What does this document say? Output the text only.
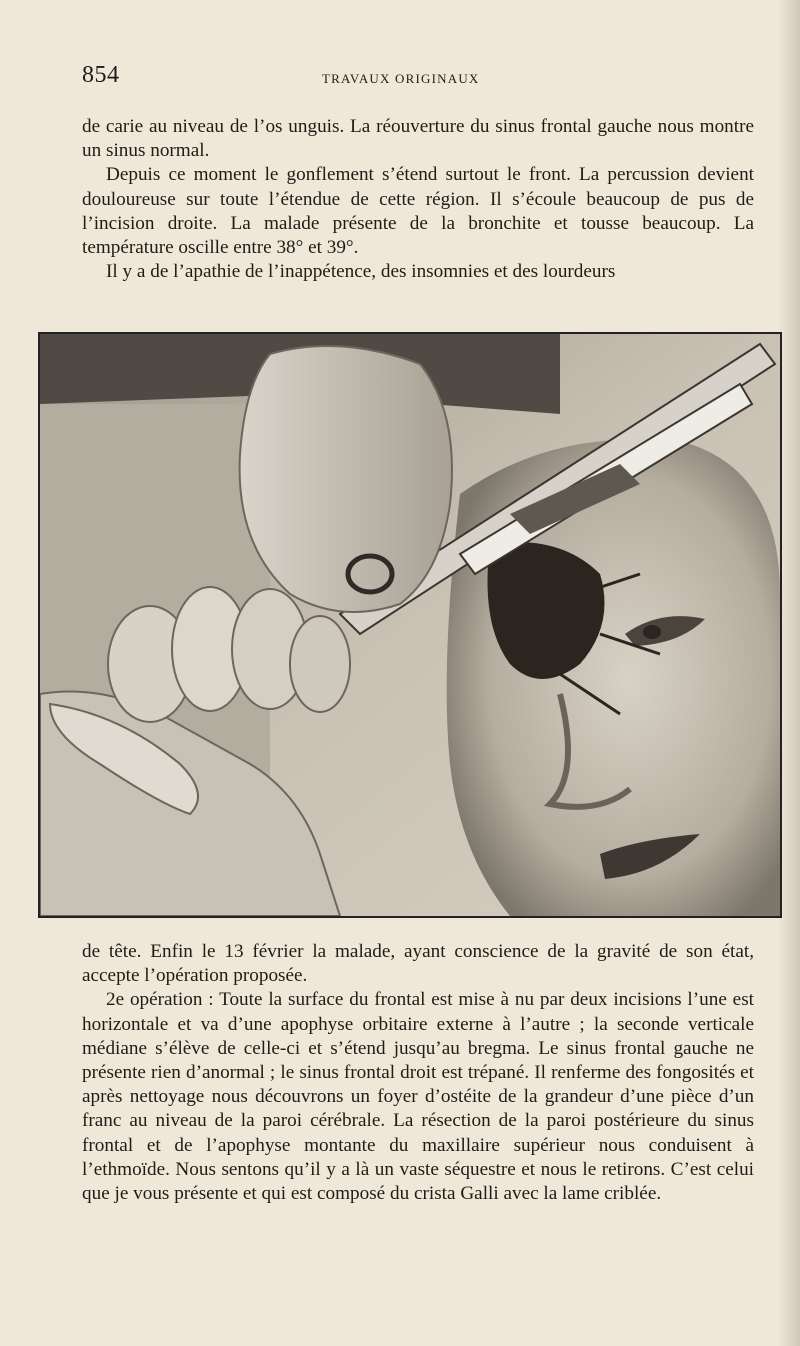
854	TRAVAUX ORIGINAUX

de carie au niveau de l’os unguis. La réouverture du sinus frontal gauche nous montre un sinus normal.

Depuis ce moment le gonflement s’étend surtout le front. La percussion devient douloureuse sur toute l’étendue de cette région. Il s’écoule beaucoup de pus de l’incision droite. La malade présente de la bronchite et tousse beaucoup. La température oscille entre 38° et 39°.

Il y a de l’apathie de l’inappétence, des insomnies et des lourdeurs

de tête. Enfin le 13 février la malade, ayant conscience de la gravité de son état, accepte l’opération proposée.

2e opération : Toute la surface du frontal est mise à nu par deux incisions l’une est horizontale et va d’une apophyse orbitaire externe à l’autre ; la seconde verticale médiane s’élève de celle-ci et s’étend jusqu’au bregma. Le sinus frontal gauche ne présente rien d’anormal ; le sinus frontal droit est trépané. Il renferme des fongosités et après nettoyage nous découvrons un foyer d’ostéite de la grandeur d’une pièce d’un franc au niveau de la paroi cérébrale. La résection de la paroi postérieure du sinus frontal et de l’apophyse montante du maxillaire supérieur nous conduisent à l’ethmoïde. Nous sentons qu’il y a là un vaste séquestre et nous le retirons. C’est celui que je vous présente et qui est composé du crista Galli avec la lame criblée.
